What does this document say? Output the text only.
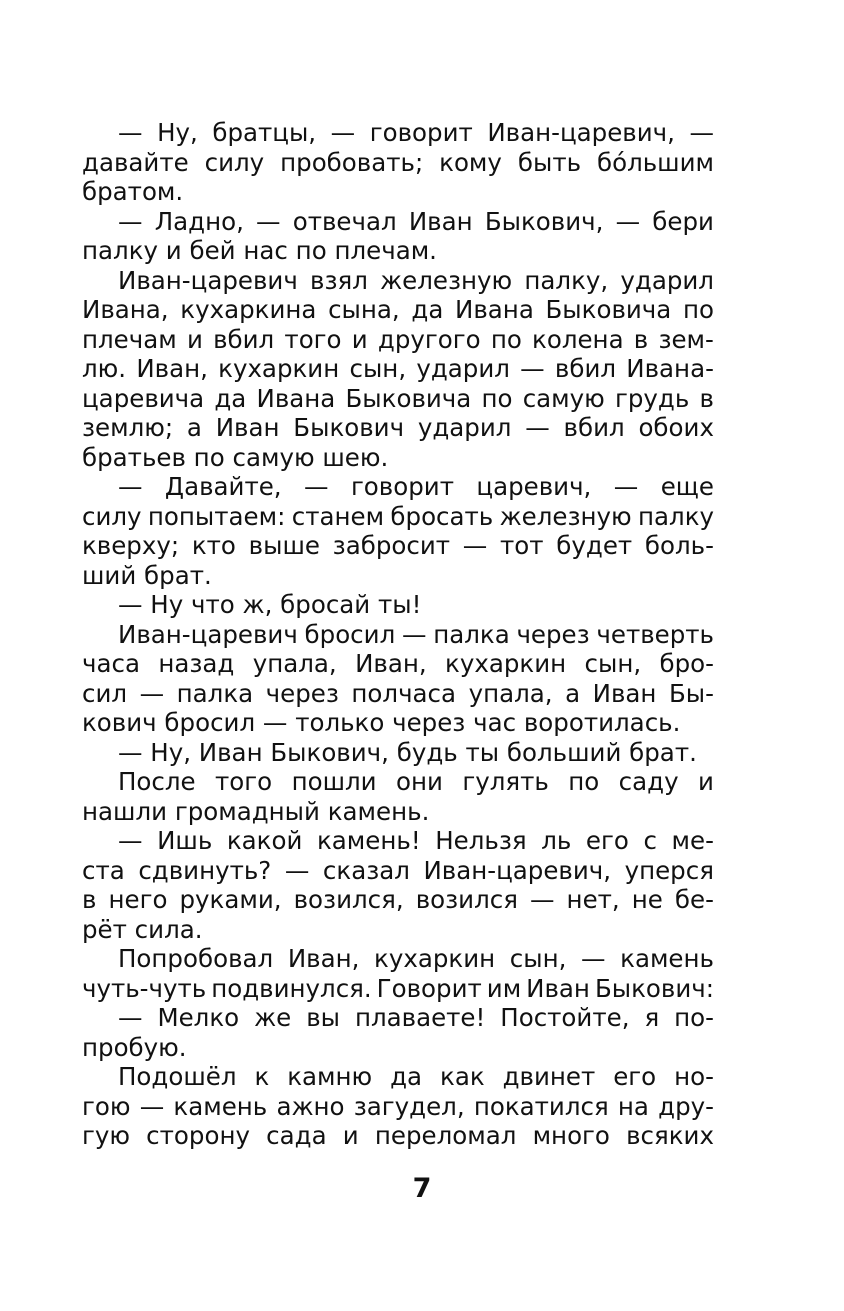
— Ну, братцы, — говорит Иван-царевич, —
давайте силу пробовать; кому быть бо́льшим
братом.
— Ладно, — отвечал Иван Быкович, — бери
палку и бей нас по плечам.
Иван-царевич взял железную палку, ударил
Ивана, кухаркина сына, да Ивана Быковича по
плечам и вбил того и другого по колена в зем-
лю. Иван, кухаркин сын, ударил — вбил Ивана-
царевича да Ивана Быковича по самую грудь в
землю; а Иван Быкович ударил — вбил обоих
братьев по самую шею.
— Давайте, — говорит царевич, — еще
силу попытаем: станем бросать железную палку
кверху; кто выше забросит — тот будет боль-
ший брат.
— Ну что ж, бросай ты!
Иван-царевич бросил — палка через четверть
часа назад упала, Иван, кухаркин сын, бро-
сил — палка через полчаса упала, а Иван Бы-
кович бросил — только через час воротилась.
— Ну, Иван Быкович, будь ты больший брат.
После того пошли они гулять по саду и
нашли громадный камень.
— Ишь какой камень! Нельзя ль его с ме-
ста сдвинуть? — сказал Иван-царевич, уперся
в него руками, возился, возился — нет, не бе-
рёт сила.
Попробовал Иван, кухаркин сын, — камень
чуть-чуть подвинулся. Говорит им Иван Быкович:
— Мелко же вы плаваете! Постойте, я по-
пробую.
Подошёл к камню да как двинет его но-
гою — камень ажно загудел, покатился на дру-
гую сторону сада и переломал много всяких
7
